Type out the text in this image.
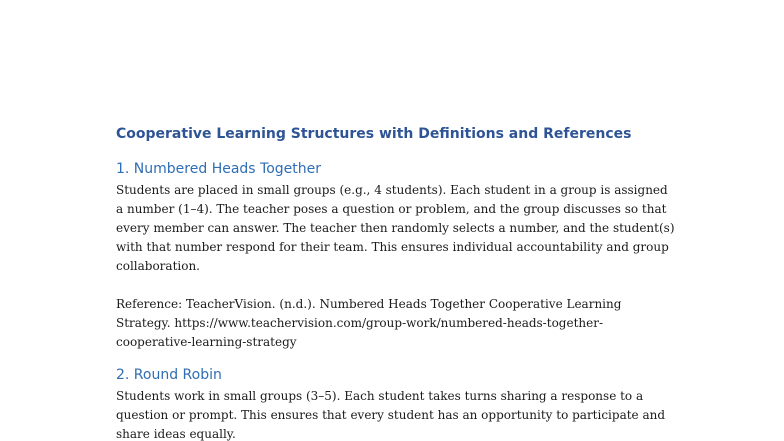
Cooperative Learning Structures with Definitions and References
1. Numbered Heads Together

Students are placed in small groups (e.g., 4 students). Each student in a group is assigned a number (1–4). The teacher poses a question or problem, and the group discusses so that every member can answer. The teacher then randomly selects a number, and the student(s) with that number respond for their team. This ensures individual accountability and group collaboration.

Reference: TeacherVision. (n.d.). Numbered Heads Together Cooperative Learning Strategy. https://www.teachervision.com/group-work/numbered-heads-together-cooperative-learning-strategy

2. Round Robin

Students work in small groups (3–5). Each student takes turns sharing a response to a question or prompt. This ensures that every student has an opportunity to participate and share ideas equally.
